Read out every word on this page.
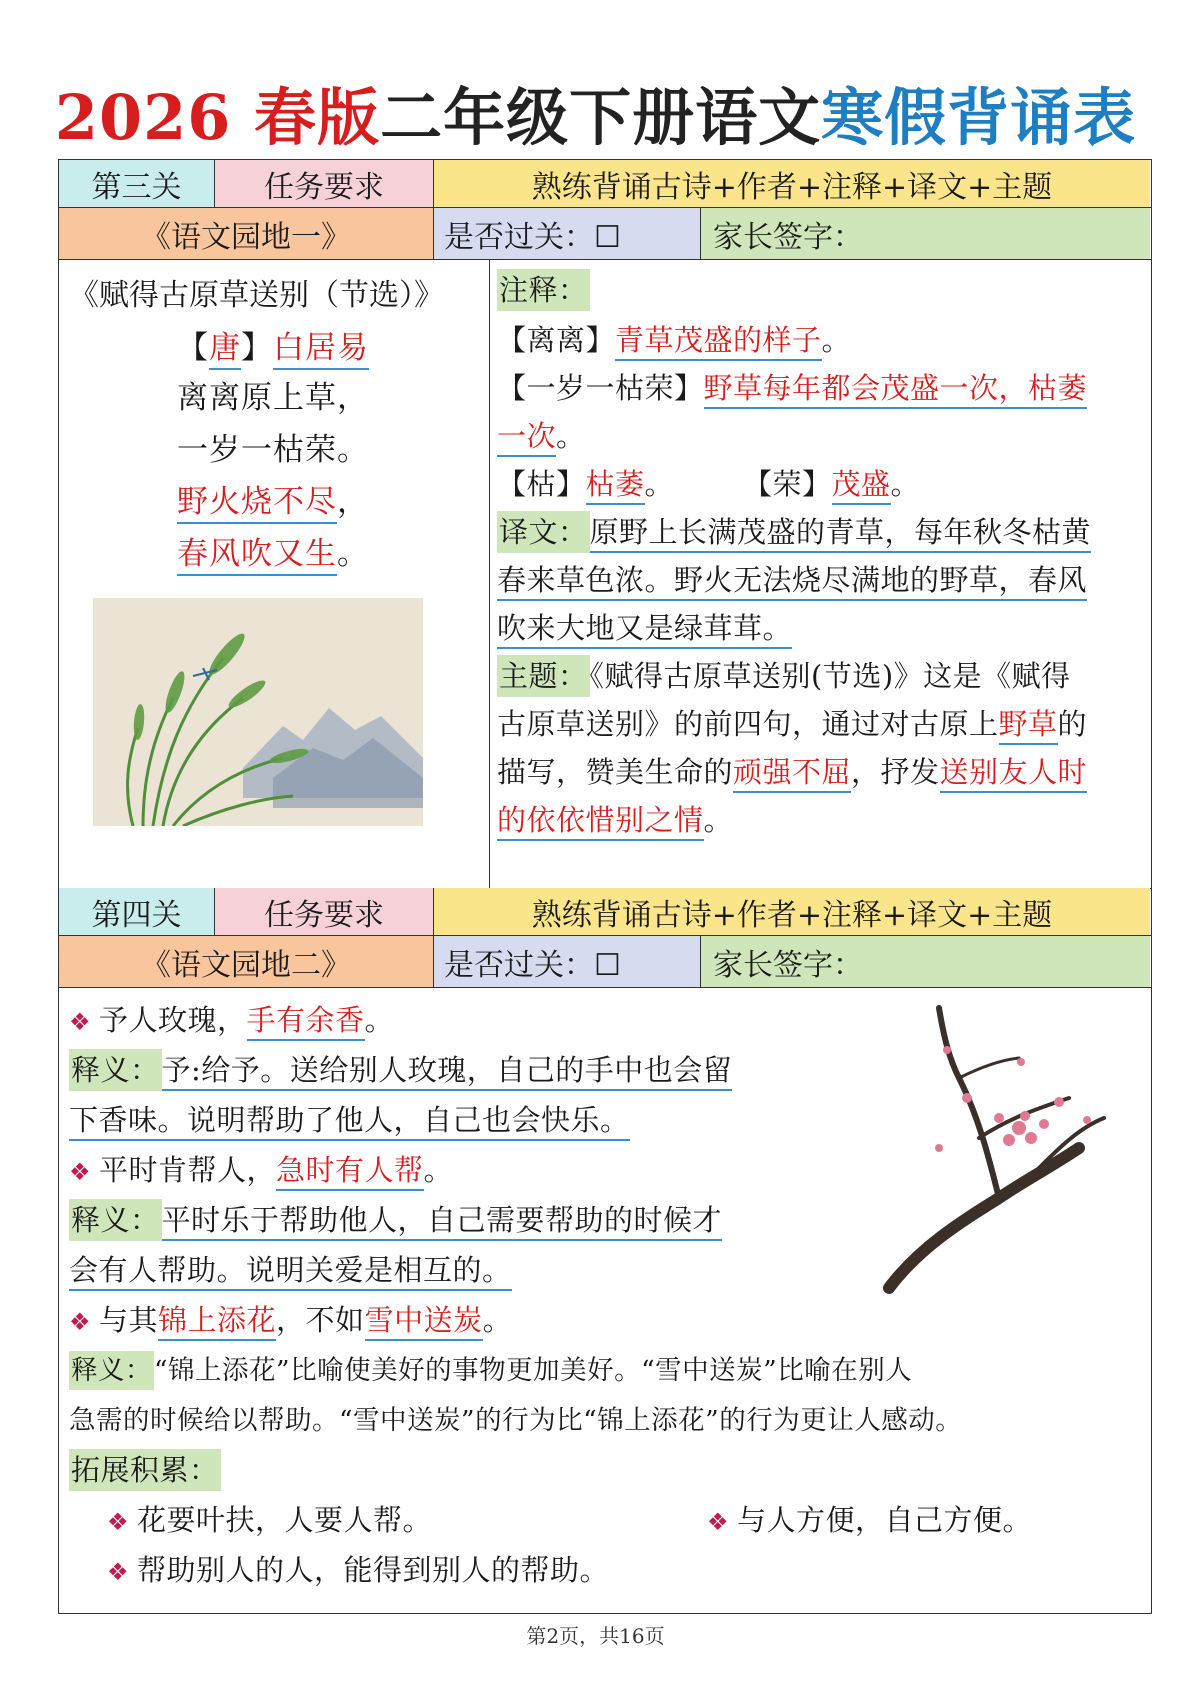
2026 春版二年级下册语文寒假背诵表
第三关	任务要求	熟练背诵古诗+作者+注释+译文+主题
《语文园地一》	是否过关：☐	家长签字：
《赋得古原草送别（节选）》
【唐】白居易
离离原上草，
一岁一枯荣。
野火烧不尽，
春风吹又生。
注释：
【离离】青草茂盛的样子。
【一岁一枯荣】野草每年都会茂盛一次，枯萎
一次。
【枯】枯萎。 【荣】茂盛。
译文：原野上长满茂盛的青草，每年秋冬枯黄
春来草色浓。野火无法烧尽满地的野草，春风
吹来大地又是绿茸茸。
主题：《赋得古原草送别(节选)》这是《赋得
古原草送别》的前四句，通过对古原上野草的
描写，赞美生命的顽强不屈，抒发送别友人时
的依依惜别之情。
第四关	任务要求	熟练背诵古诗+作者+注释+译文+主题
《语文园地二》	是否过关：☐	家长签字：
❖ 予人玫瑰，手有余香。
释义：予:给予。送给别人玫瑰，自己的手中也会留
下香味。说明帮助了他人，自己也会快乐。
❖ 平时肯帮人，急时有人帮。
释义：平时乐于帮助他人，自己需要帮助的时候才
会有人帮助。说明关爱是相互的。
❖ 与其锦上添花，不如雪中送炭。
释义：“锦上添花”比喻使美好的事物更加美好。“雪中送炭”比喻在别人
急需的时候给以帮助。“雪中送炭”的行为比“锦上添花”的行为更让人感动。
拓展积累：
❖ 花要叶扶，人要人帮。	❖ 与人方便，自己方便。
❖ 帮助别人的人，能得到别人的帮助。
第2页，共16页
